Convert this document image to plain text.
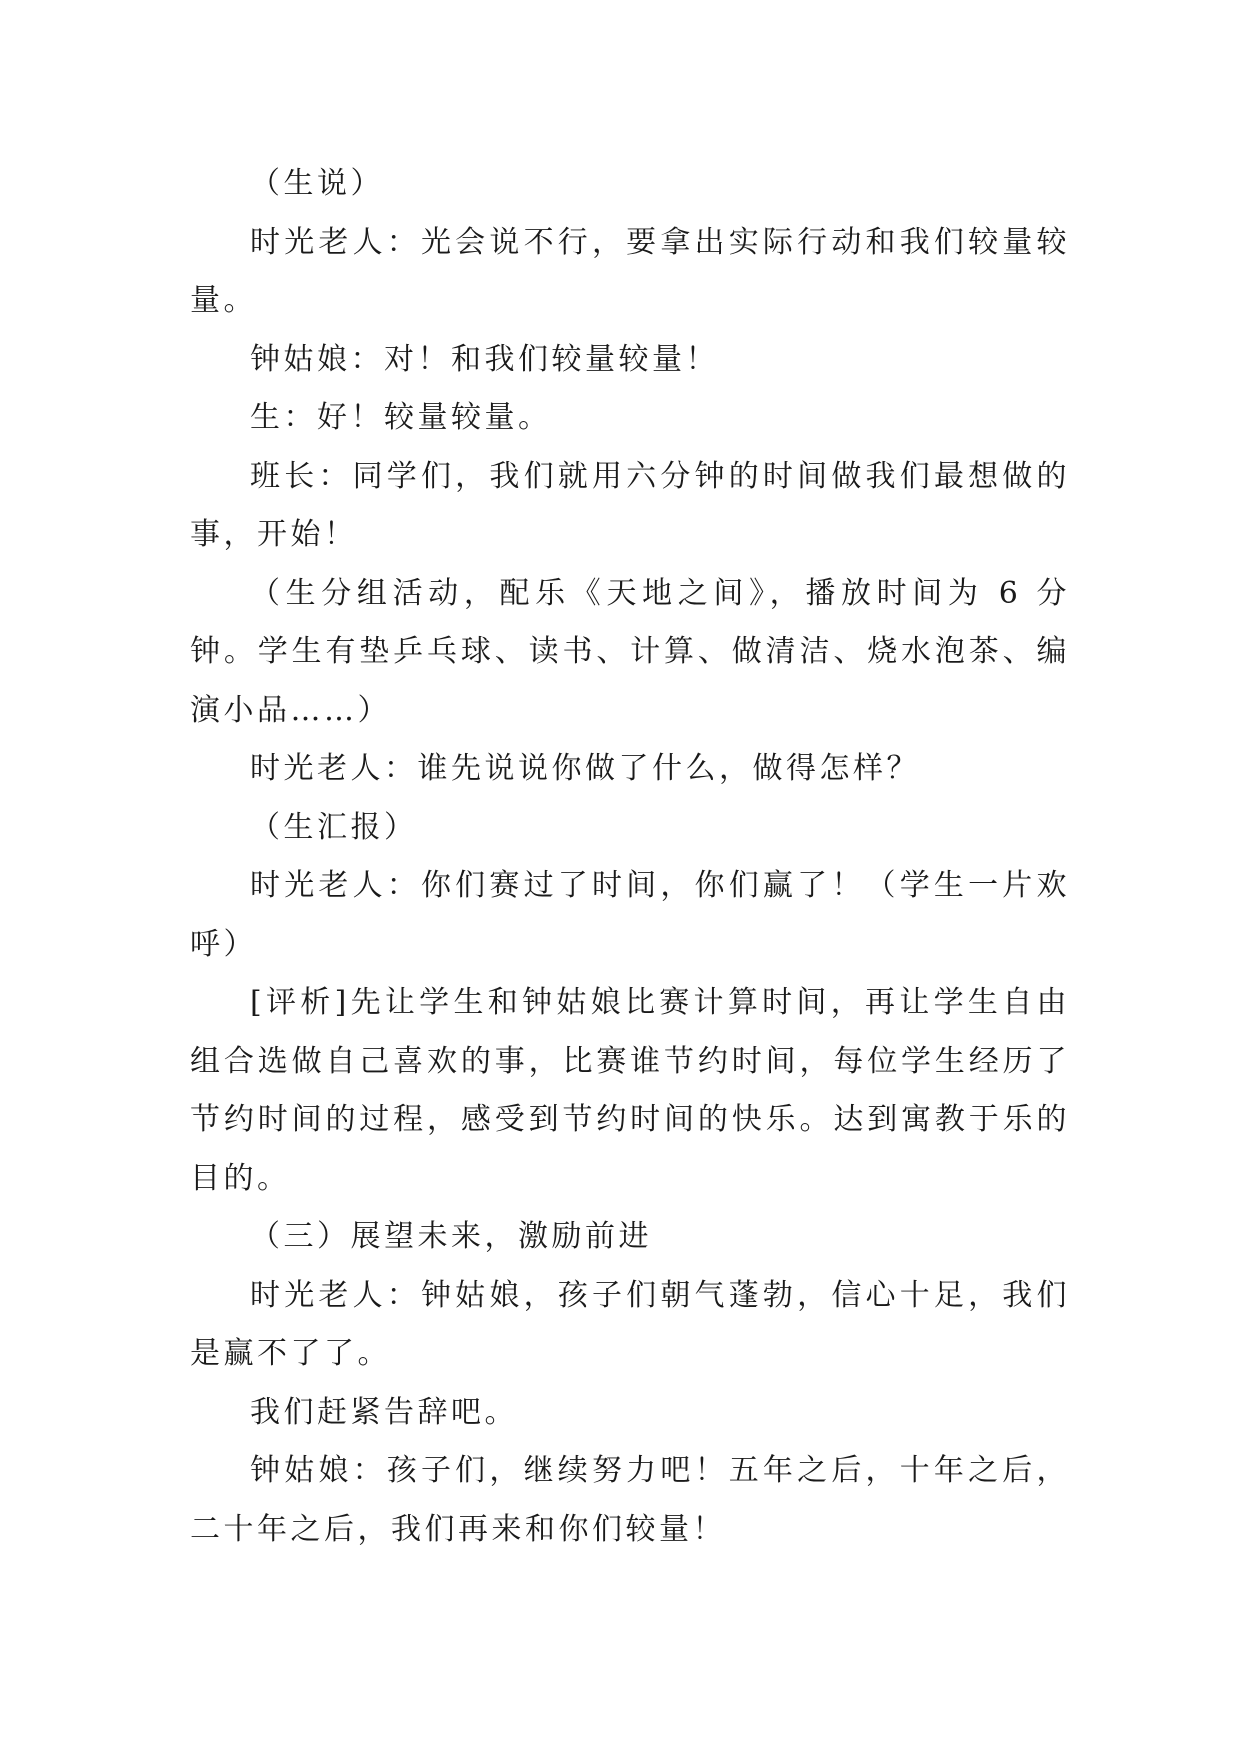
（生说）

时光老人：光会说不行，要拿出实际行动和我们较量较量。

钟姑娘：对！和我们较量较量！

生：好！较量较量。

班长：同学们，我们就用六分钟的时间做我们最想做的事，开始！

（生分组活动，配乐《天地之间》，播放时间为 6 分钟。学生有垫乒乓球、读书、计算、做清洁、烧水泡茶、编演小品……）

时光老人：谁先说说你做了什么，做得怎样？

（生汇报）

时光老人：你们赛过了时间，你们赢了！（学生一片欢呼）

[评析]先让学生和钟姑娘比赛计算时间，再让学生自由组合选做自己喜欢的事，比赛谁节约时间，每位学生经历了节约时间的过程，感受到节约时间的快乐。达到寓教于乐的目的。

（三）展望未来，激励前进

时光老人：钟姑娘，孩子们朝气蓬勃，信心十足，我们是赢不了了。

我们赶紧告辞吧。

钟姑娘：孩子们，继续努力吧！五年之后，十年之后，二十年之后，我们再来和你们较量！
